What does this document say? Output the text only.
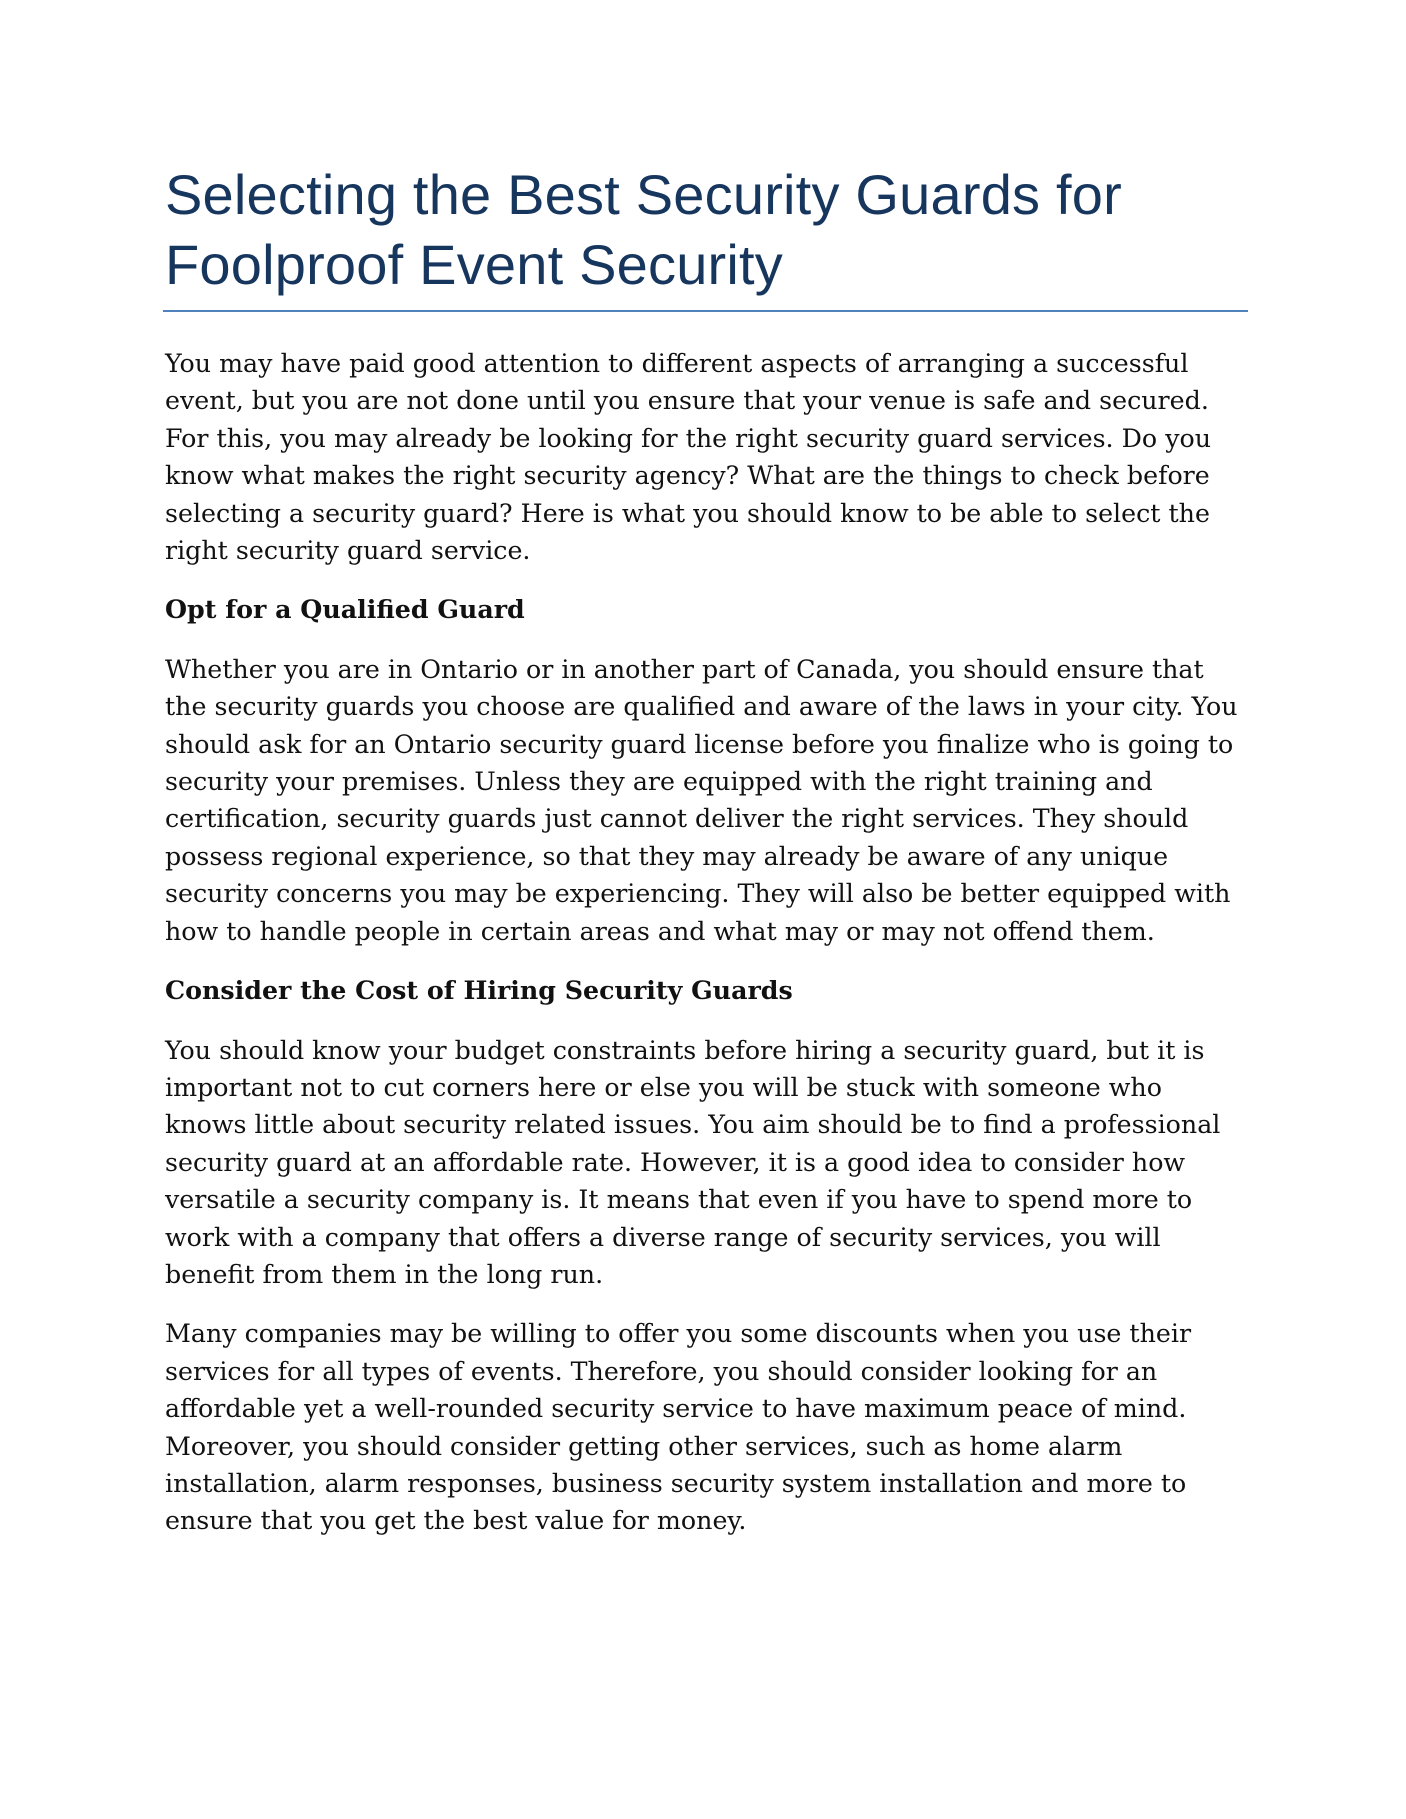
Selecting the Best Security Guards for Foolproof Event Security

You may have paid good attention to different aspects of arranging a successful event, but you are not done until you ensure that your venue is safe and secured. For this, you may already be looking for the right security guard services. Do you know what makes the right security agency? What are the things to check before selecting a security guard? Here is what you should know to be able to select the right security guard service.

Opt for a Qualified Guard

Whether you are in Ontario or in another part of Canada, you should ensure that the security guards you choose are qualified and aware of the laws in your city. You should ask for an Ontario security guard license before you finalize who is going to security your premises. Unless they are equipped with the right training and certification, security guards just cannot deliver the right services. They should possess regional experience, so that they may already be aware of any unique security concerns you may be experiencing. They will also be better equipped with how to handle people in certain areas and what may or may not offend them.

Consider the Cost of Hiring Security Guards

You should know your budget constraints before hiring a security guard, but it is important not to cut corners here or else you will be stuck with someone who knows little about security related issues. You aim should be to find a professional security guard at an affordable rate. However, it is a good idea to consider how versatile a security company is. It means that even if you have to spend more to work with a company that offers a diverse range of security services, you will benefit from them in the long run.

Many companies may be willing to offer you some discounts when you use their services for all types of events. Therefore, you should consider looking for an affordable yet a well-rounded security service to have maximum peace of mind. Moreover, you should consider getting other services, such as home alarm installation, alarm responses, business security system installation and more to ensure that you get the best value for money.
